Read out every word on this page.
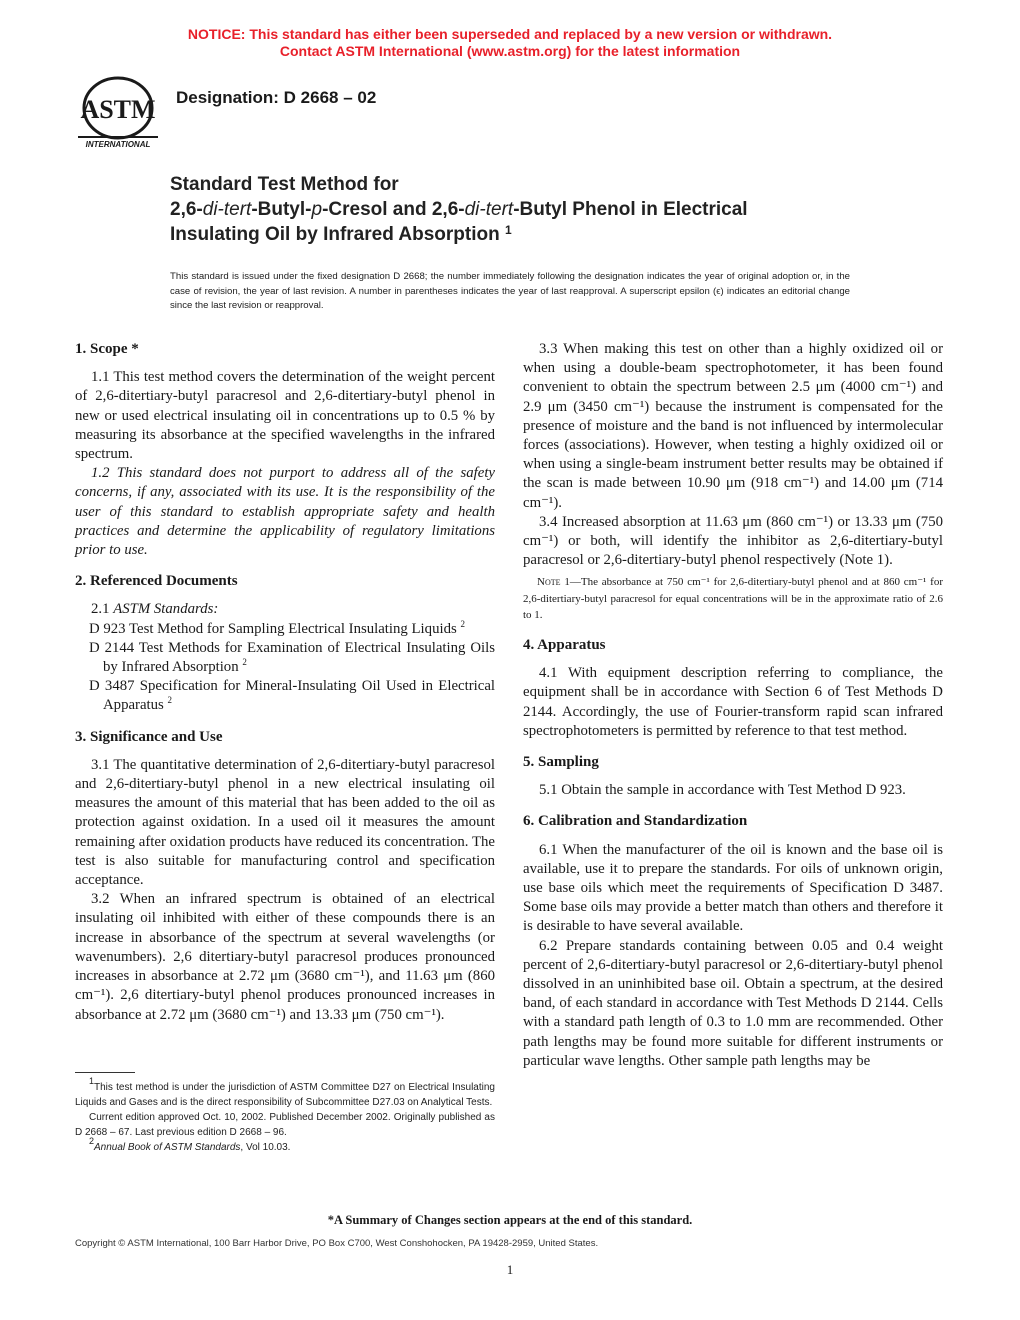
NOTICE: This standard has either been superseded and replaced by a new version or withdrawn.
Contact ASTM International (www.astm.org) for the latest information
ASTM
INTERNATIONAL
Designation: D 2668 – 02
Standard Test Method for
2,6-di-tert-Butyl-p-Cresol and 2,6-di-tert-Butyl Phenol in Electrical
Insulating Oil by Infrared Absorption $^1$
This standard is issued under the fixed designation D 2668; the number immediately following the designation indicates the year of original adoption or, in the case of revision, the year of last revision. A number in parentheses indicates the year of last reapproval. A superscript epsilon (ϵ) indicates an editorial change since the last revision or reapproval.
1. Scope *

1.1 This test method covers the determination of the weight percent of 2,6-ditertiary-butyl paracresol and 2,6-ditertiary-butyl phenol in new or used electrical insulating oil in concentrations up to 0.5 % by measuring its absorbance at the specified wavelengths in the infrared spectrum.

1.2 This standard does not purport to address all of the safety concerns, if any, associated with its use. It is the responsibility of the user of this standard to establish appropriate safety and health practices and determine the applicability of regulatory limitations prior to use.

2. Referenced Documents

2.1 ASTM Standards:

D 923 Test Method for Sampling Electrical Insulating Liquids $^2$

D 2144 Test Methods for Examination of Electrical Insulating Oils by Infrared Absorption $^2$

D 3487 Specification for Mineral-Insulating Oil Used in Electrical Apparatus $^2$

3. Significance and Use

3.1 The quantitative determination of 2,6-ditertiary-butyl paracresol and 2,6-ditertiary-butyl phenol in a new electrical insulating oil measures the amount of this material that has been added to the oil as protection against oxidation. In a used oil it measures the amount remaining after oxidation products have reduced its concentration. The test is also suitable for manufacturing control and specification acceptance.

3.2 When an infrared spectrum is obtained of an electrical insulating oil inhibited with either of these compounds there is an increase in absorbance of the spectrum at several wavelengths (or wavenumbers). 2,6 ditertiary-butyl paracresol produces pronounced increases in absorbance at 2.72 μm (3680 cm⁻¹), and 11.63 μm (860 cm⁻¹). 2,6 ditertiary-butyl phenol produces pronounced increases in absorbance at 2.72 μm (3680 cm⁻¹) and 13.33 μm (750 cm⁻¹).

$^1$This test method is under the jurisdiction of ASTM Committee D27 on Electrical Insulating Liquids and Gases and is the direct responsibility of Subcommittee D27.03 on Analytical Tests.

Current edition approved Oct. 10, 2002. Published December 2002. Originally published as D 2668 – 67. Last previous edition D 2668 – 96.

$^2$Annual Book of ASTM Standards, Vol 10.03.

3.3 When making this test on other than a highly oxidized oil or when using a double-beam spectrophotometer, it has been found convenient to obtain the spectrum between 2.5 μm (4000 cm⁻¹) and 2.9 μm (3450 cm⁻¹) because the instrument is compensated for the presence of moisture and the band is not influenced by intermolecular forces (associations). However, when testing a highly oxidized oil or when using a single-beam instrument better results may be obtained if the scan is made between 10.90 μm (918 cm⁻¹) and 14.00 μm (714 cm⁻¹).

3.4 Increased absorption at 11.63 μm (860 cm⁻¹) or 13.33 μm (750 cm⁻¹) or both, will identify the inhibitor as 2,6-ditertiary-butyl paracresol or 2,6-ditertiary-butyl phenol respectively (Note 1).

Note 1—The absorbance at 750 cm⁻¹ for 2,6-ditertiary-butyl phenol and at 860 cm⁻¹ for 2,6-ditertiary-butyl paracresol for equal concentrations will be in the approximate ratio of 2.6 to 1.

4. Apparatus

4.1 With equipment description referring to compliance, the equipment shall be in accordance with Section 6 of Test Methods D 2144. Accordingly, the use of Fourier-transform rapid scan infrared spectrophotometers is permitted by reference to that test method.

5. Sampling

5.1 Obtain the sample in accordance with Test Method D 923.

6. Calibration and Standardization

6.1 When the manufacturer of the oil is known and the base oil is available, use it to prepare the standards. For oils of unknown origin, use base oils which meet the requirements of Specification D 3487. Some base oils may provide a better match than others and therefore it is desirable to have several available.

6.2 Prepare standards containing between 0.05 and 0.4 weight percent of 2,6-ditertiary-butyl paracresol or 2,6-ditertiary-butyl phenol dissolved in an uninhibited base oil. Obtain a spectrum, at the desired band, of each standard in accordance with Test Methods D 2144. Cells with a standard path length of 0.3 to 1.0 mm are recommended. Other path lengths may be found more suitable for different instruments or particular wave lengths. Other sample path lengths may be

*A Summary of Changes section appears at the end of this standard.
Copyright © ASTM International, 100 Barr Harbor Drive, PO Box C700, West Conshohocken, PA 19428-2959, United States.
1
